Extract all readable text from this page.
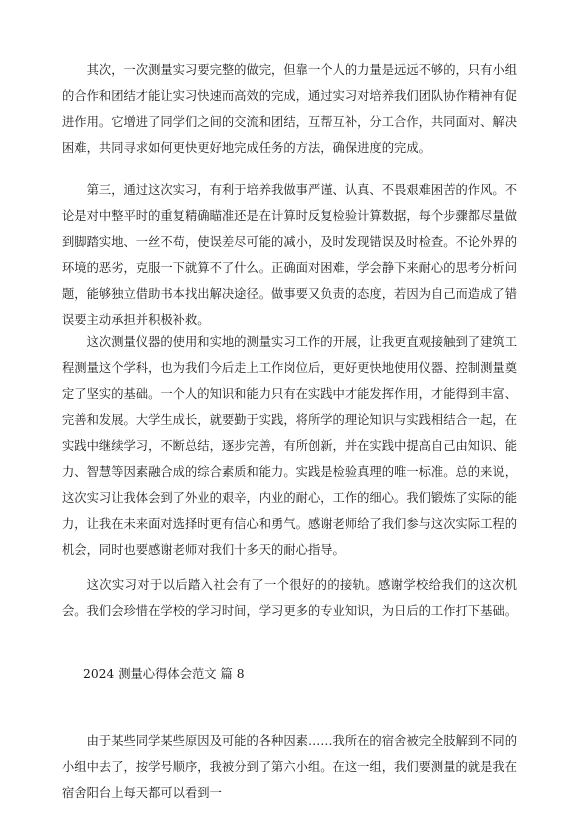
其次，一次测量实习要完整的做完，但靠一个人的力量是远远不够的，只有小组的合作和团结才能让实习快速而高效的完成，通过实习对培养我们团队协作精神有促进作用。它增进了同学们之间的交流和团结，互帮互补，分工合作，共同面对、解决困难，共同寻求如何更快更好地完成任务的方法，确保进度的完成。

第三，通过这次实习，有利于培养我做事严谨、认真、不畏艰难困苦的作风。不论是对中整平时的重复精确瞄准还是在计算时反复检验计算数据，每个步骤都尽量做到脚踏实地、一丝不苟，使误差尽可能的减小，及时发现错误及时检查。不论外界的环境的恶劣，克服一下就算不了什么。正确面对困难，学会静下来耐心的思考分析问题，能够独立借助书本找出解决途径。做事要又负责的态度，若因为自己而造成了错误要主动承担并积极补救。

这次测量仪器的使用和实地的测量实习工作的开展，让我更直观接触到了建筑工程测量这个学科，也为我们今后走上工作岗位后，更好更快地使用仪器、控制测量奠定了坚实的基础。一个人的知识和能力只有在实践中才能发挥作用，才能得到丰富、完善和发展。大学生成长，就要勤于实践，将所学的理论知识与实践相结合一起，在实践中继续学习，不断总结，逐步完善，有所创新，并在实践中提高自己由知识、能力、智慧等因素融合成的综合素质和能力。实践是检验真理的唯一标准。总的来说，这次实习让我体会到了外业的艰辛，内业的耐心，工作的细心。我们锻炼了实际的能力，让我在未来面对选择时更有信心和勇气。感谢老师给了我们参与这次实际工程的机会，同时也要感谢老师对我们十多天的耐心指导。

这次实习对于以后踏入社会有了一个很好的的接轨。感谢学校给我们的这次机会。我们会珍惜在学校的学习时间，学习更多的专业知识，为日后的工作打下基础。

2024 测量心得体会范文 篇 8

由于某些同学某些原因及可能的各种因素……我所在的宿舍被完全肢解到不同的小组中去了，按学号顺序，我被分到了第六小组。在这一组，我们要测量的就是我在宿舍阳台上每天都可以看到一
